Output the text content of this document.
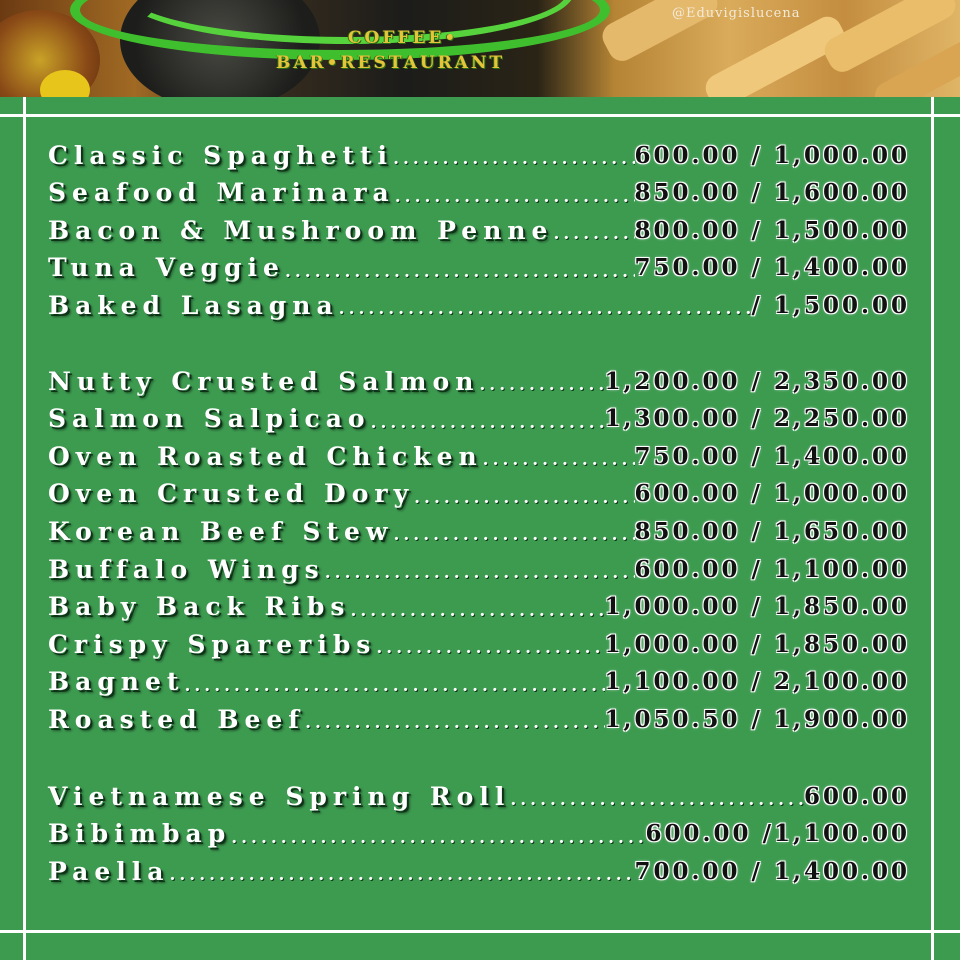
COFFEE•
BAR•RESTAURANT
@Eduvigislucena
Classic Spaghetti .....	600.00 / 1,000.00
Seafood Marinara .....	850.00 / 1,600.00
Bacon & Mushroom Penne .....	800.00 / 1,500.00
Tuna Veggie .....	750.00 / 1,400.00
Baked Lasagna .....	/ 1,500.00
Nutty Crusted Salmon .....	1,200.00 / 2,350.00
Salmon Salpicao .....	1,300.00 / 2,250.00
Oven Roasted Chicken .....	750.00 / 1,400.00
Oven Crusted Dory .....	600.00 / 1,000.00
Korean Beef Stew .....	850.00 / 1,650.00
Buffalo Wings .....	600.00 / 1,100.00
Baby Back Ribs .....	1,000.00 / 1,850.00
Crispy Spareribs .....	1,000.00 / 1,850.00
Bagnet .....	1,100.00 / 2,100.00
Roasted Beef .....	1,050.50 / 1,900.00
Vietnamese Spring Roll .....	600.00
Bibimbap .....	600.00 /1,100.00
Paella .....	700.00 / 1,400.00
